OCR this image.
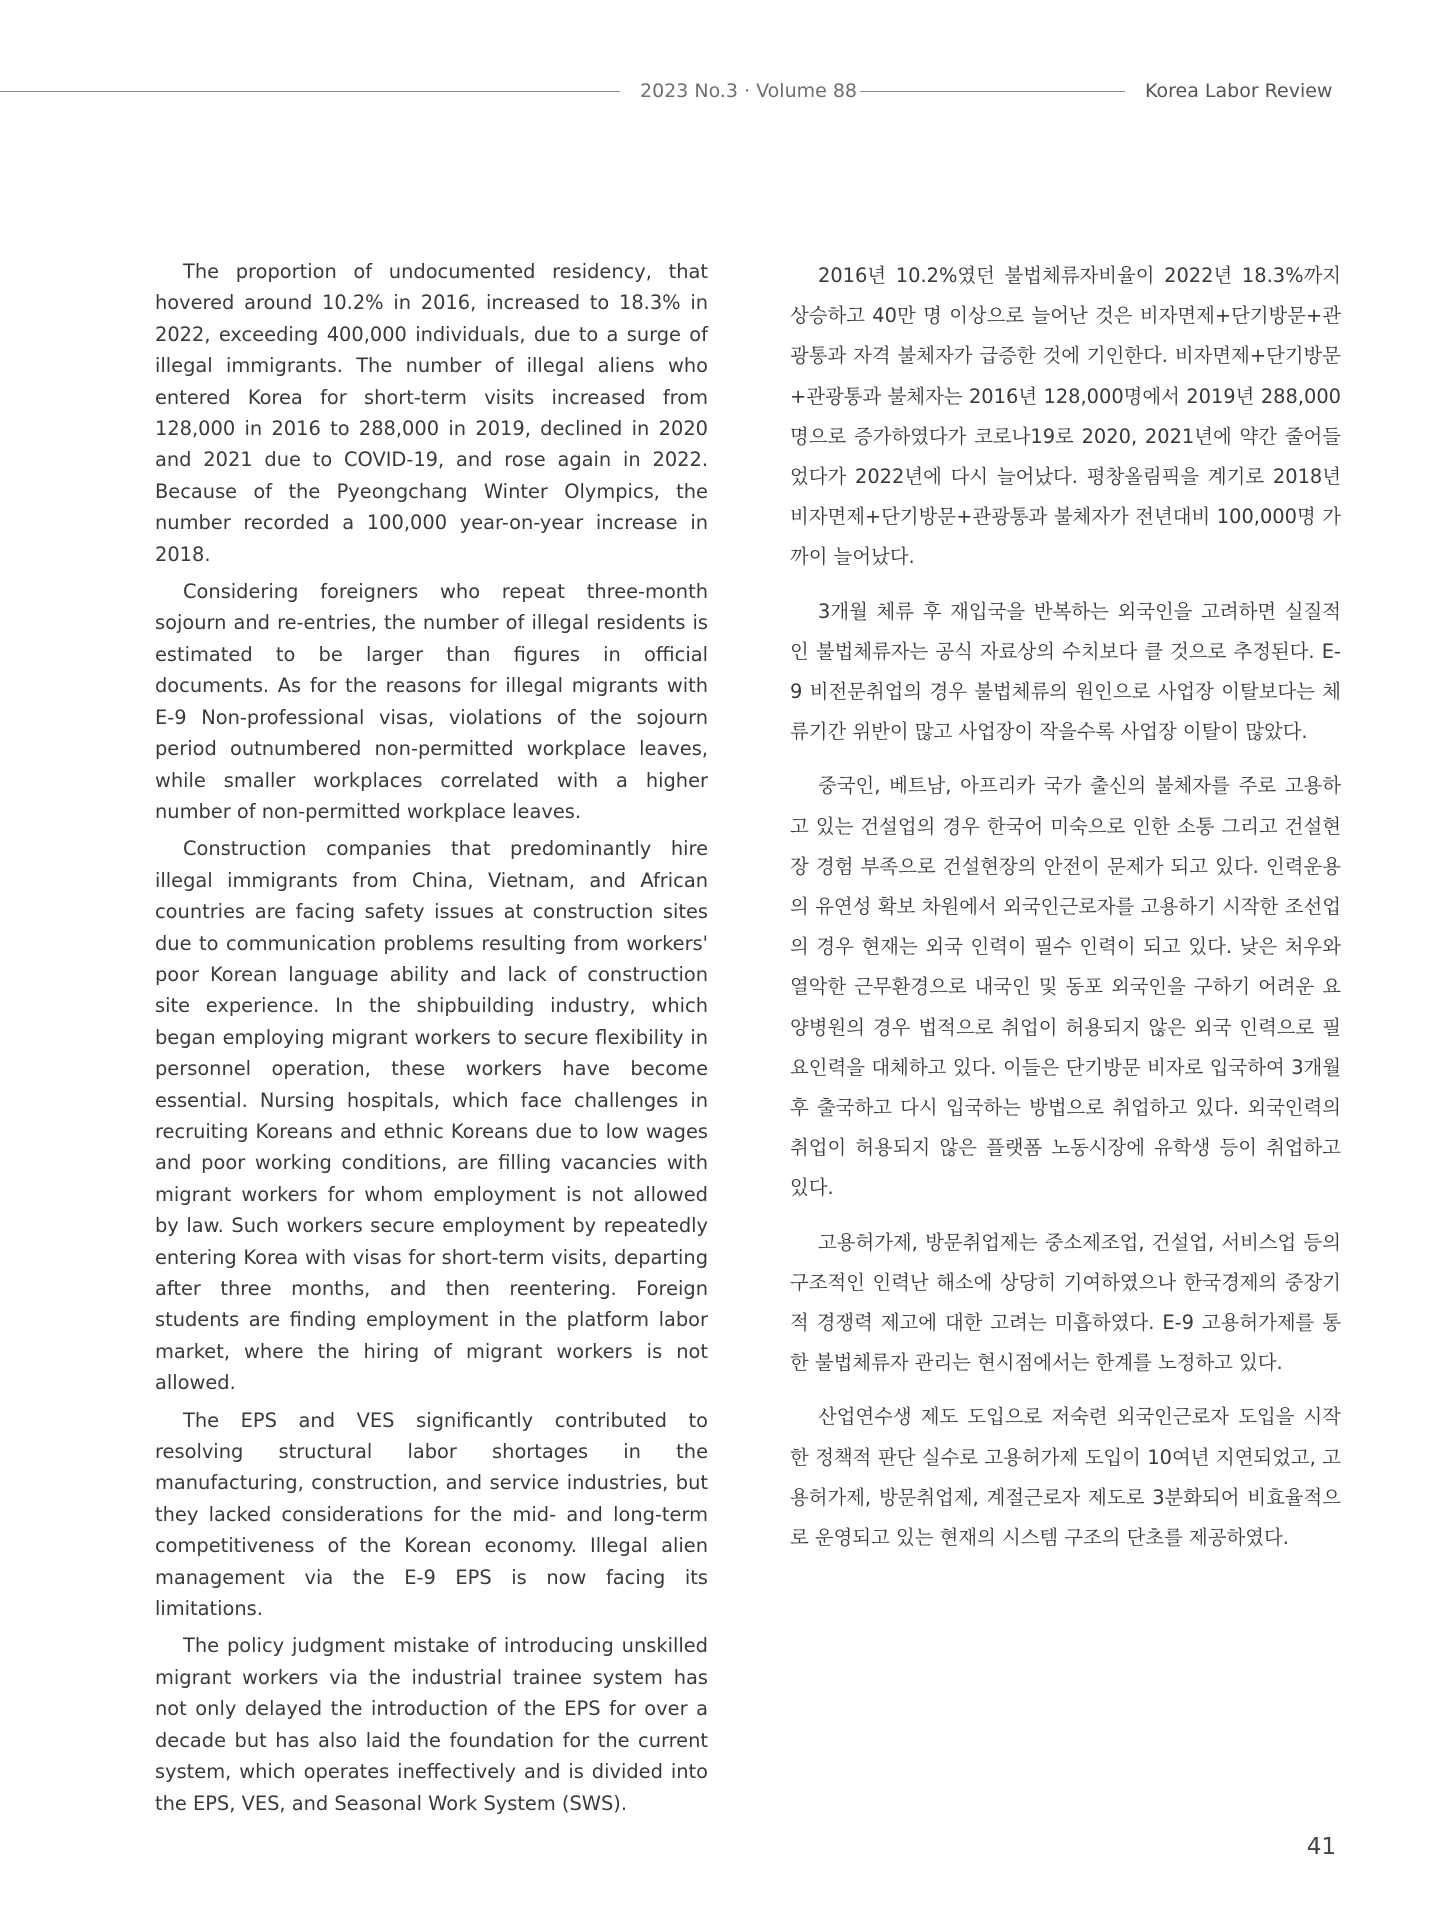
2023 No.3 · Volume 88	Korea Labor Review

The proportion of undocumented residency, that hovered around 10.2% in 2016, increased to 18.3% in 2022, exceeding 400,000 individuals, due to a surge of illegal immigrants. The number of illegal aliens who entered Korea for short-term visits increased from 128,000 in 2016 to 288,000 in 2019, declined in 2020 and 2021 due to COVID-19, and rose again in 2022. Because of the Pyeongchang Winter Olympics, the number recorded a 100,000 year-on-year increase in 2018.

Considering foreigners who repeat three-month sojourn and re-entries, the number of illegal residents is estimated to be larger than figures in official documents. As for the reasons for illegal migrants with E-9 Non-professional visas, violations of the sojourn period outnumbered non-permitted workplace leaves, while smaller workplaces correlated with a higher number of non-permitted workplace leaves.

Construction companies that predominantly hire illegal immigrants from China, Vietnam, and African countries are facing safety issues at construction sites due to communication problems resulting from workers' poor Korean language ability and lack of construction site experience. In the shipbuilding industry, which began employing migrant workers to secure flexibility in personnel operation, these workers have become essential. Nursing hospitals, which face challenges in recruiting Koreans and ethnic Koreans due to low wages and poor working conditions, are filling vacancies with migrant workers for whom employment is not allowed by law. Such workers secure employment by repeatedly entering Korea with visas for short-term visits, departing after three months, and then reentering. Foreign students are finding employment in the platform labor market, where the hiring of migrant workers is not allowed.

The EPS and VES significantly contributed to resolving structural labor shortages in the manufacturing, construction, and service industries, but they lacked considerations for the mid- and long-term competitiveness of the Korean economy. Illegal alien management via the E-9 EPS is now facing its limitations.

The policy judgment mistake of introducing unskilled migrant workers via the industrial trainee system has not only delayed the introduction of the EPS for over a decade but has also laid the foundation for the current system, which operates ineffectively and is divided into the EPS, VES, and Seasonal Work System (SWS).

2016년 10.2%였던 불법체류자비율이 2022년 18.3%까지 상승하고 40만 명 이상으로 늘어난 것은 비자면제+단기방문+관광통과 자격 불체자가 급증한 것에 기인한다. 비자면제+단기방문+관광통과 불체자는 2016년 128,000명에서 2019년 288,000명으로 증가하였다가 코로나19로 2020, 2021년에 약간 줄어들었다가 2022년에 다시 늘어났다. 평창올림픽을 계기로 2018년 비자면제+단기방문+관광통과 불체자가 전년대비 100,000명 가까이 늘어났다.

3개월 체류 후 재입국을 반복하는 외국인을 고려하면 실질적인 불법체류자는 공식 자료상의 수치보다 클 것으로 추정된다. E-9 비전문취업의 경우 불법체류의 원인으로 사업장 이탈보다는 체류기간 위반이 많고 사업장이 작을수록 사업장 이탈이 많았다.

중국인, 베트남, 아프리카 국가 출신의 불체자를 주로 고용하고 있는 건설업의 경우 한국어 미숙으로 인한 소통 그리고 건설현장 경험 부족으로 건설현장의 안전이 문제가 되고 있다. 인력운용의 유연성 확보 차원에서 외국인근로자를 고용하기 시작한 조선업의 경우 현재는 외국 인력이 필수 인력이 되고 있다. 낮은 처우와 열악한 근무환경으로 내국인 및 동포 외국인을 구하기 어려운 요양병원의 경우 법적으로 취업이 허용되지 않은 외국 인력으로 필요인력을 대체하고 있다. 이들은 단기방문 비자로 입국하여 3개월 후 출국하고 다시 입국하는 방법으로 취업하고 있다. 외국인력의 취업이 허용되지 않은 플랫폼 노동시장에 유학생 등이 취업하고 있다.

고용허가제, 방문취업제는 중소제조업, 건설업, 서비스업 등의 구조적인 인력난 해소에 상당히 기여하였으나 한국경제의 중장기적 경쟁력 제고에 대한 고려는 미흡하였다. E-9 고용허가제를 통한 불법체류자 관리는 현시점에서는 한계를 노정하고 있다.

산업연수생 제도 도입으로 저숙련 외국인근로자 도입을 시작한 정책적 판단 실수로 고용허가제 도입이 10여년 지연되었고, 고용허가제, 방문취업제, 계절근로자 제도로 3분화되어 비효율적으로 운영되고 있는 현재의 시스템 구조의 단초를 제공하였다.

41
